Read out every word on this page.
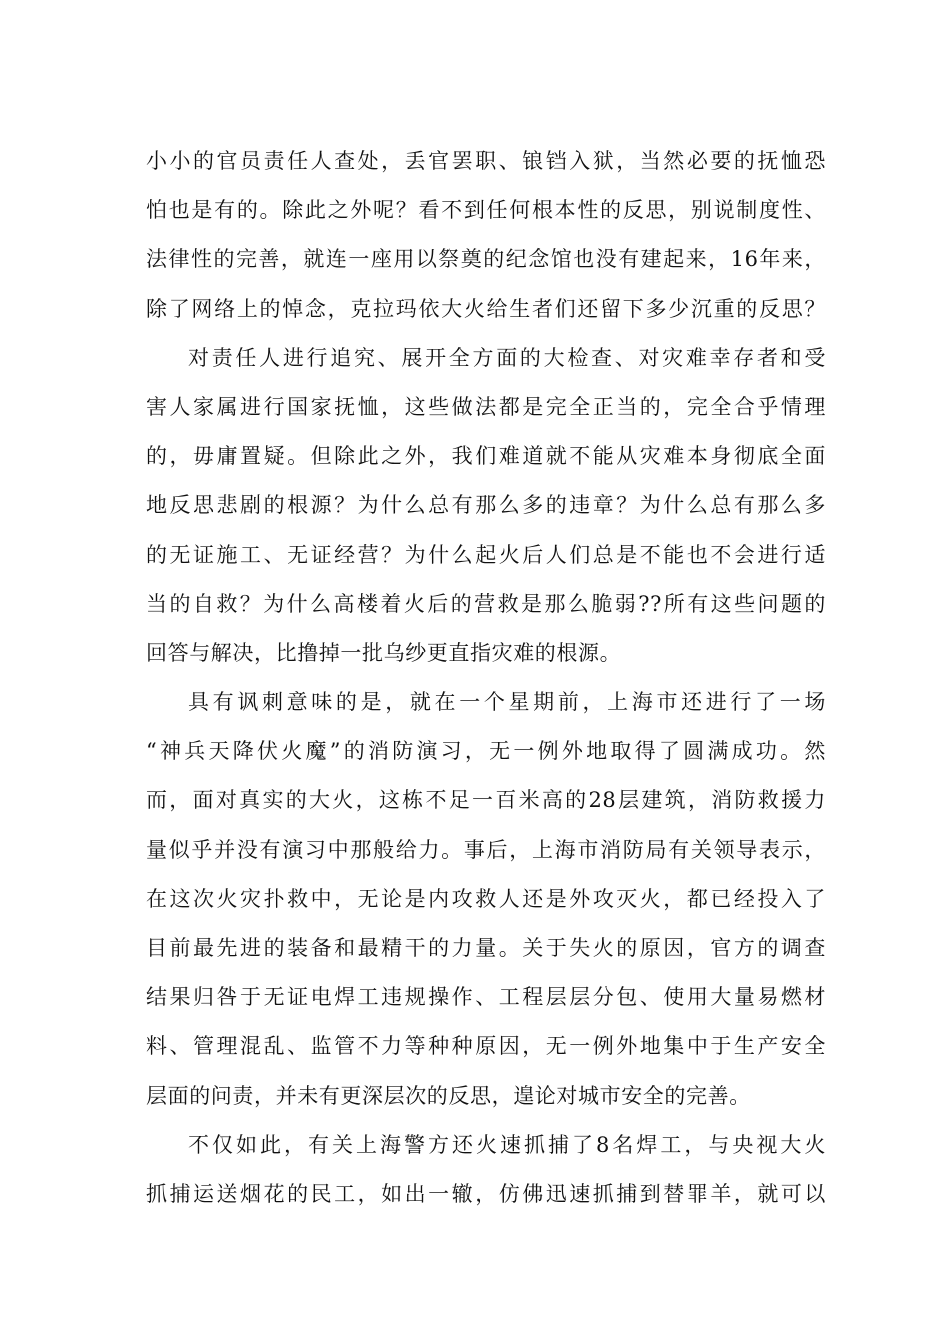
小小的官员责任人查处，丢官罢职、锒铛入狱，当然必要的抚恤恐
怕也是有的。除此之外呢？看不到任何根本性的反思，别说制度性、
法律性的完善，就连一座用以祭奠的纪念馆也没有建起来，16年来，
除了网络上的悼念，克拉玛依大火给生者们还留下多少沉重的反思？
对责任人进行追究、展开全方面的大检查、对灾难幸存者和受
害人家属进行国家抚恤，这些做法都是完全正当的，完全合乎情理
的，毋庸置疑。但除此之外，我们难道就不能从灾难本身彻底全面
地反思悲剧的根源？为什么总有那么多的违章？为什么总有那么多
的无证施工、无证经营？为什么起火后人们总是不能也不会进行适
当的自救？为什么高楼着火后的营救是那么脆弱??所有这些问题的
回答与解决，比撸掉一批乌纱更直指灾难的根源。
具有讽刺意味的是，就在一个星期前，上海市还进行了一场
“神兵天降伏火魔”的消防演习，无一例外地取得了圆满成功。然
而，面对真实的大火，这栋不足一百米高的28层建筑，消防救援力
量似乎并没有演习中那般给力。事后，上海市消防局有关领导表示，
在这次火灾扑救中，无论是内攻救人还是外攻灭火，都已经投入了
目前最先进的装备和最精干的力量。关于失火的原因，官方的调查
结果归咎于无证电焊工违规操作、工程层层分包、使用大量易燃材
料、管理混乱、监管不力等种种原因，无一例外地集中于生产安全
层面的问责，并未有更深层次的反思，遑论对城市安全的完善。
不仅如此，有关上海警方还火速抓捕了8名焊工，与央视大火
抓捕运送烟花的民工，如出一辙，仿佛迅速抓捕到替罪羊，就可以
